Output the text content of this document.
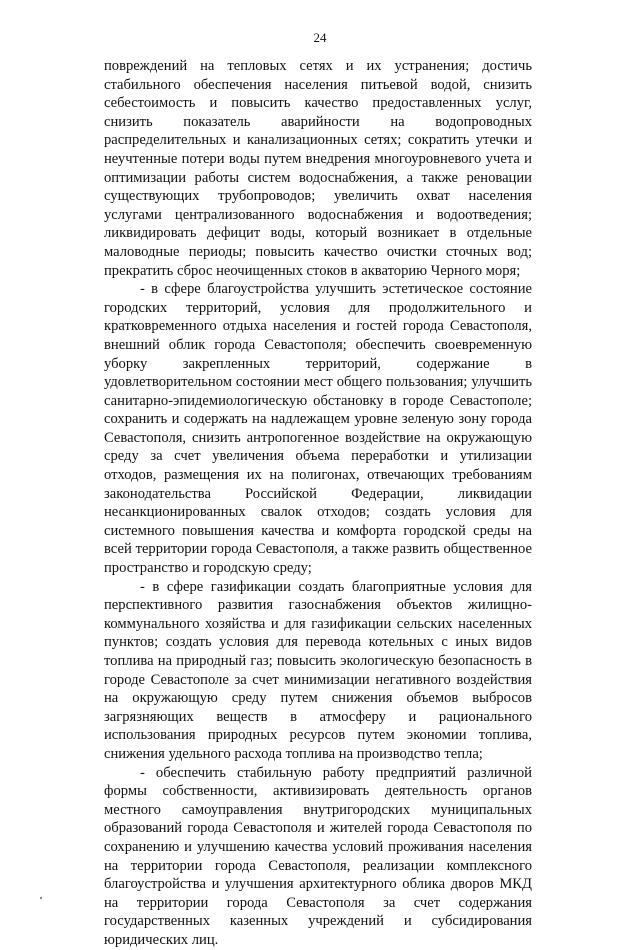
24

повреждений на тепловых сетях и их устранения; достичь стабильного обеспечения населения питьевой водой, снизить себестоимость и повысить качество предоставленных услуг, снизить показатель аварийности на водопроводных распределительных и канализационных сетях; сократить утечки и неучтенные потери воды путем внедрения многоуровневого учета и оптимизации работы систем водоснабжения, а также реновации существующих трубопроводов; увеличить охват населения услугами централизованного водоснабжения и водоотведения; ликвидировать дефицит воды, который возникает в отдельные маловодные периоды; повысить качество очистки сточных вод; прекратить сброс неочищенных стоков в акваторию Черного моря;

- в сфере благоустройства улучшить эстетическое состояние городских территорий, условия для продолжительного и кратковременного отдыха населения и гостей города Севастополя, внешний облик города Севастополя; обеспечить своевременную уборку закрепленных территорий, содержание в удовлетворительном состоянии мест общего пользования; улучшить санитарно-эпидемиологическую обстановку в городе Севастополе; сохранить и содержать на надлежащем уровне зеленую зону города Севастополя, снизить антропогенное воздействие на окружающую среду за счет увеличения объема переработки и утилизации отходов, размещения их на полигонах, отвечающих требованиям законодательства Российской Федерации, ликвидации несанкционированных свалок отходов; создать условия для системного повышения качества и комфорта городской среды на всей территории города Севастополя, а также развить общественное пространство и городскую среду;

- в сфере газификации создать благоприятные условия для перспективного развития газоснабжения объектов жилищно-коммунального хозяйства и для газификации сельских населенных пунктов; создать условия для перевода котельных с иных видов топлива на природный газ; повысить экологическую безопасность в городе Севастополе за счет минимизации негативного воздействия на окружающую среду путем снижения объемов выбросов загрязняющих веществ в атмосферу и рационального использования природных ресурсов путем экономии топлива, снижения удельного расхода топлива на производство тепла;

- обеспечить стабильную работу предприятий различной формы собственности, активизировать деятельность органов местного самоуправления внутригородских муниципальных образований города Севастополя и жителей города Севастополя по сохранению и улучшению качества условий проживания населения на территории города Севастополя, реализации комплексного благоустройства и улучшения архитектурного облика дворов МКД на территории города Севастополя за счет содержания государственных казенных учреждений и субсидирования юридических лиц.
